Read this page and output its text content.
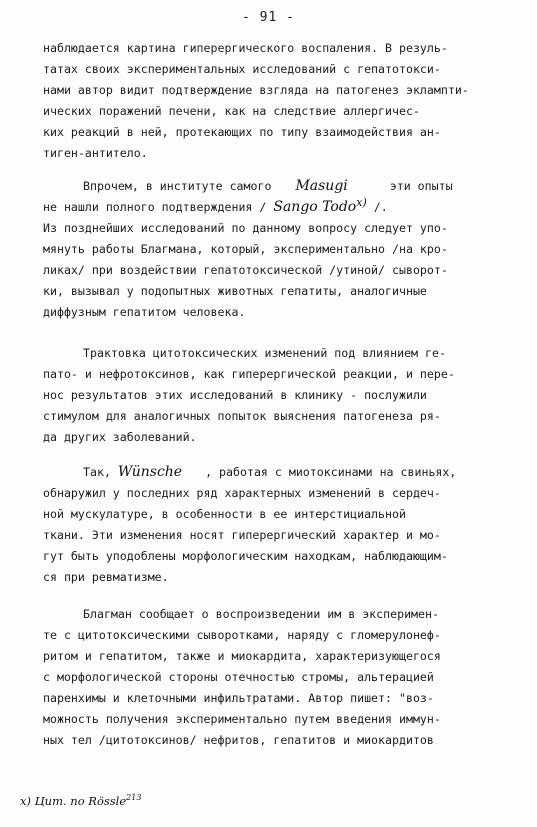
- 91 -
наблюдается картина гиперергического воспаления. В резуль-
татах своих экспериментальных исследований с гепатотокси-
нами автор видит подтверждение взгляда на патогенез эклампти-
ических поражений печени, как на следствие аллергичес-
ких реакций в ней, протекающих по типу взаимодействия ан-
тиген-антитело.
Впрочем, в институте самого Masugi	эти опыты
не нашли полного подтверждения / Sango Todo$^{х)}$ /.
Из позднейших исследований по данному вопросу следует упо-
мянуть работы Благмана, который, экспериментально /на кро-
ликах/ при воздействии гепатотоксической /утиной/ сыворот-
ки, вызывал у подопытных животных гепатиты, аналогичные
диффузным гепатитом человека.
Трактовка цитотоксических изменений под влиянием ге-
пато- и нефротоксинов, как гиперергической реакции, и пере-
нос результатов этих исследований в клинику - послужили
стимулом для аналогичных попыток выяснения патогенеза ря-
да других заболеваний.
Так, Wünsche , работая с миотоксинами на свиньях,
обнаружил у последних ряд характерных изменений в сердеч-
ной мускулатуре, в особенности в ее интерстициальной
ткани. Эти изменения носят гиперергический характер и мо-
гут быть уподоблены морфологическим находкам, наблюдающим-
ся при ревматизме.
Благман сообщает о воспроизведении им в эксперимен-
те с цитотоксическими сыворотками, наряду с гломерулонеф-
ритом и гепатитом, также и миокардита, характеризующегося
с морфологической стороны отечностью стромы, альтерацией
паренхимы и клеточными инфильтратами. Автор пишет: "воз-
можность получения экспериментально путем введения иммун-
ных тел /цитотоксинов/ нефритов, гепатитов и миокардитов
х) Цит. по Rössle$^{213}$
